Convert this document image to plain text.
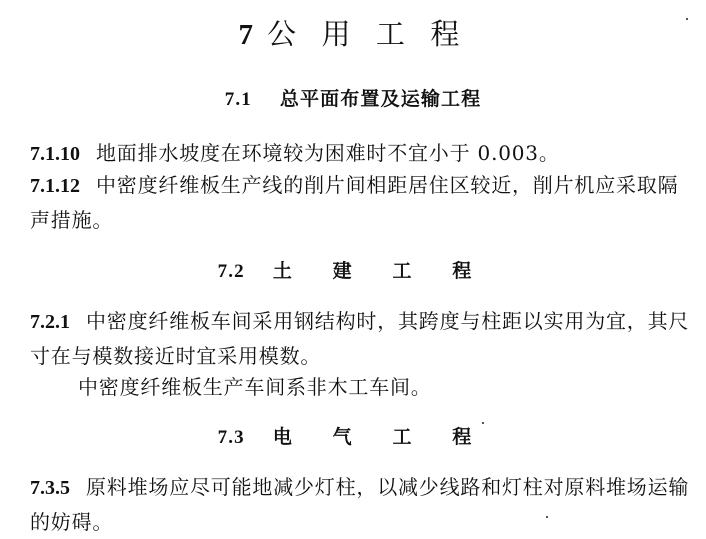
7 公 用 工 程
7.1 总平面布置及运输工程
7.1.10 地面排水坡度在环境较为困难时不宜小于 0.003。
7.1.12 中密度纤维板生产线的削片间相距居住区较近，削片机应采取隔声措施。
7.2 土 建 工 程
7.2.1 中密度纤维板车间采用钢结构时，其跨度与柱距以实用为宜，其尺寸在与模数接近时宜采用模数。
中密度纤维板生产车间系非木工车间。
7.3 电 气 工 程
7.3.5 原料堆场应尽可能地减少灯柱，以减少线路和灯柱对原料堆场运输的妨碍。
